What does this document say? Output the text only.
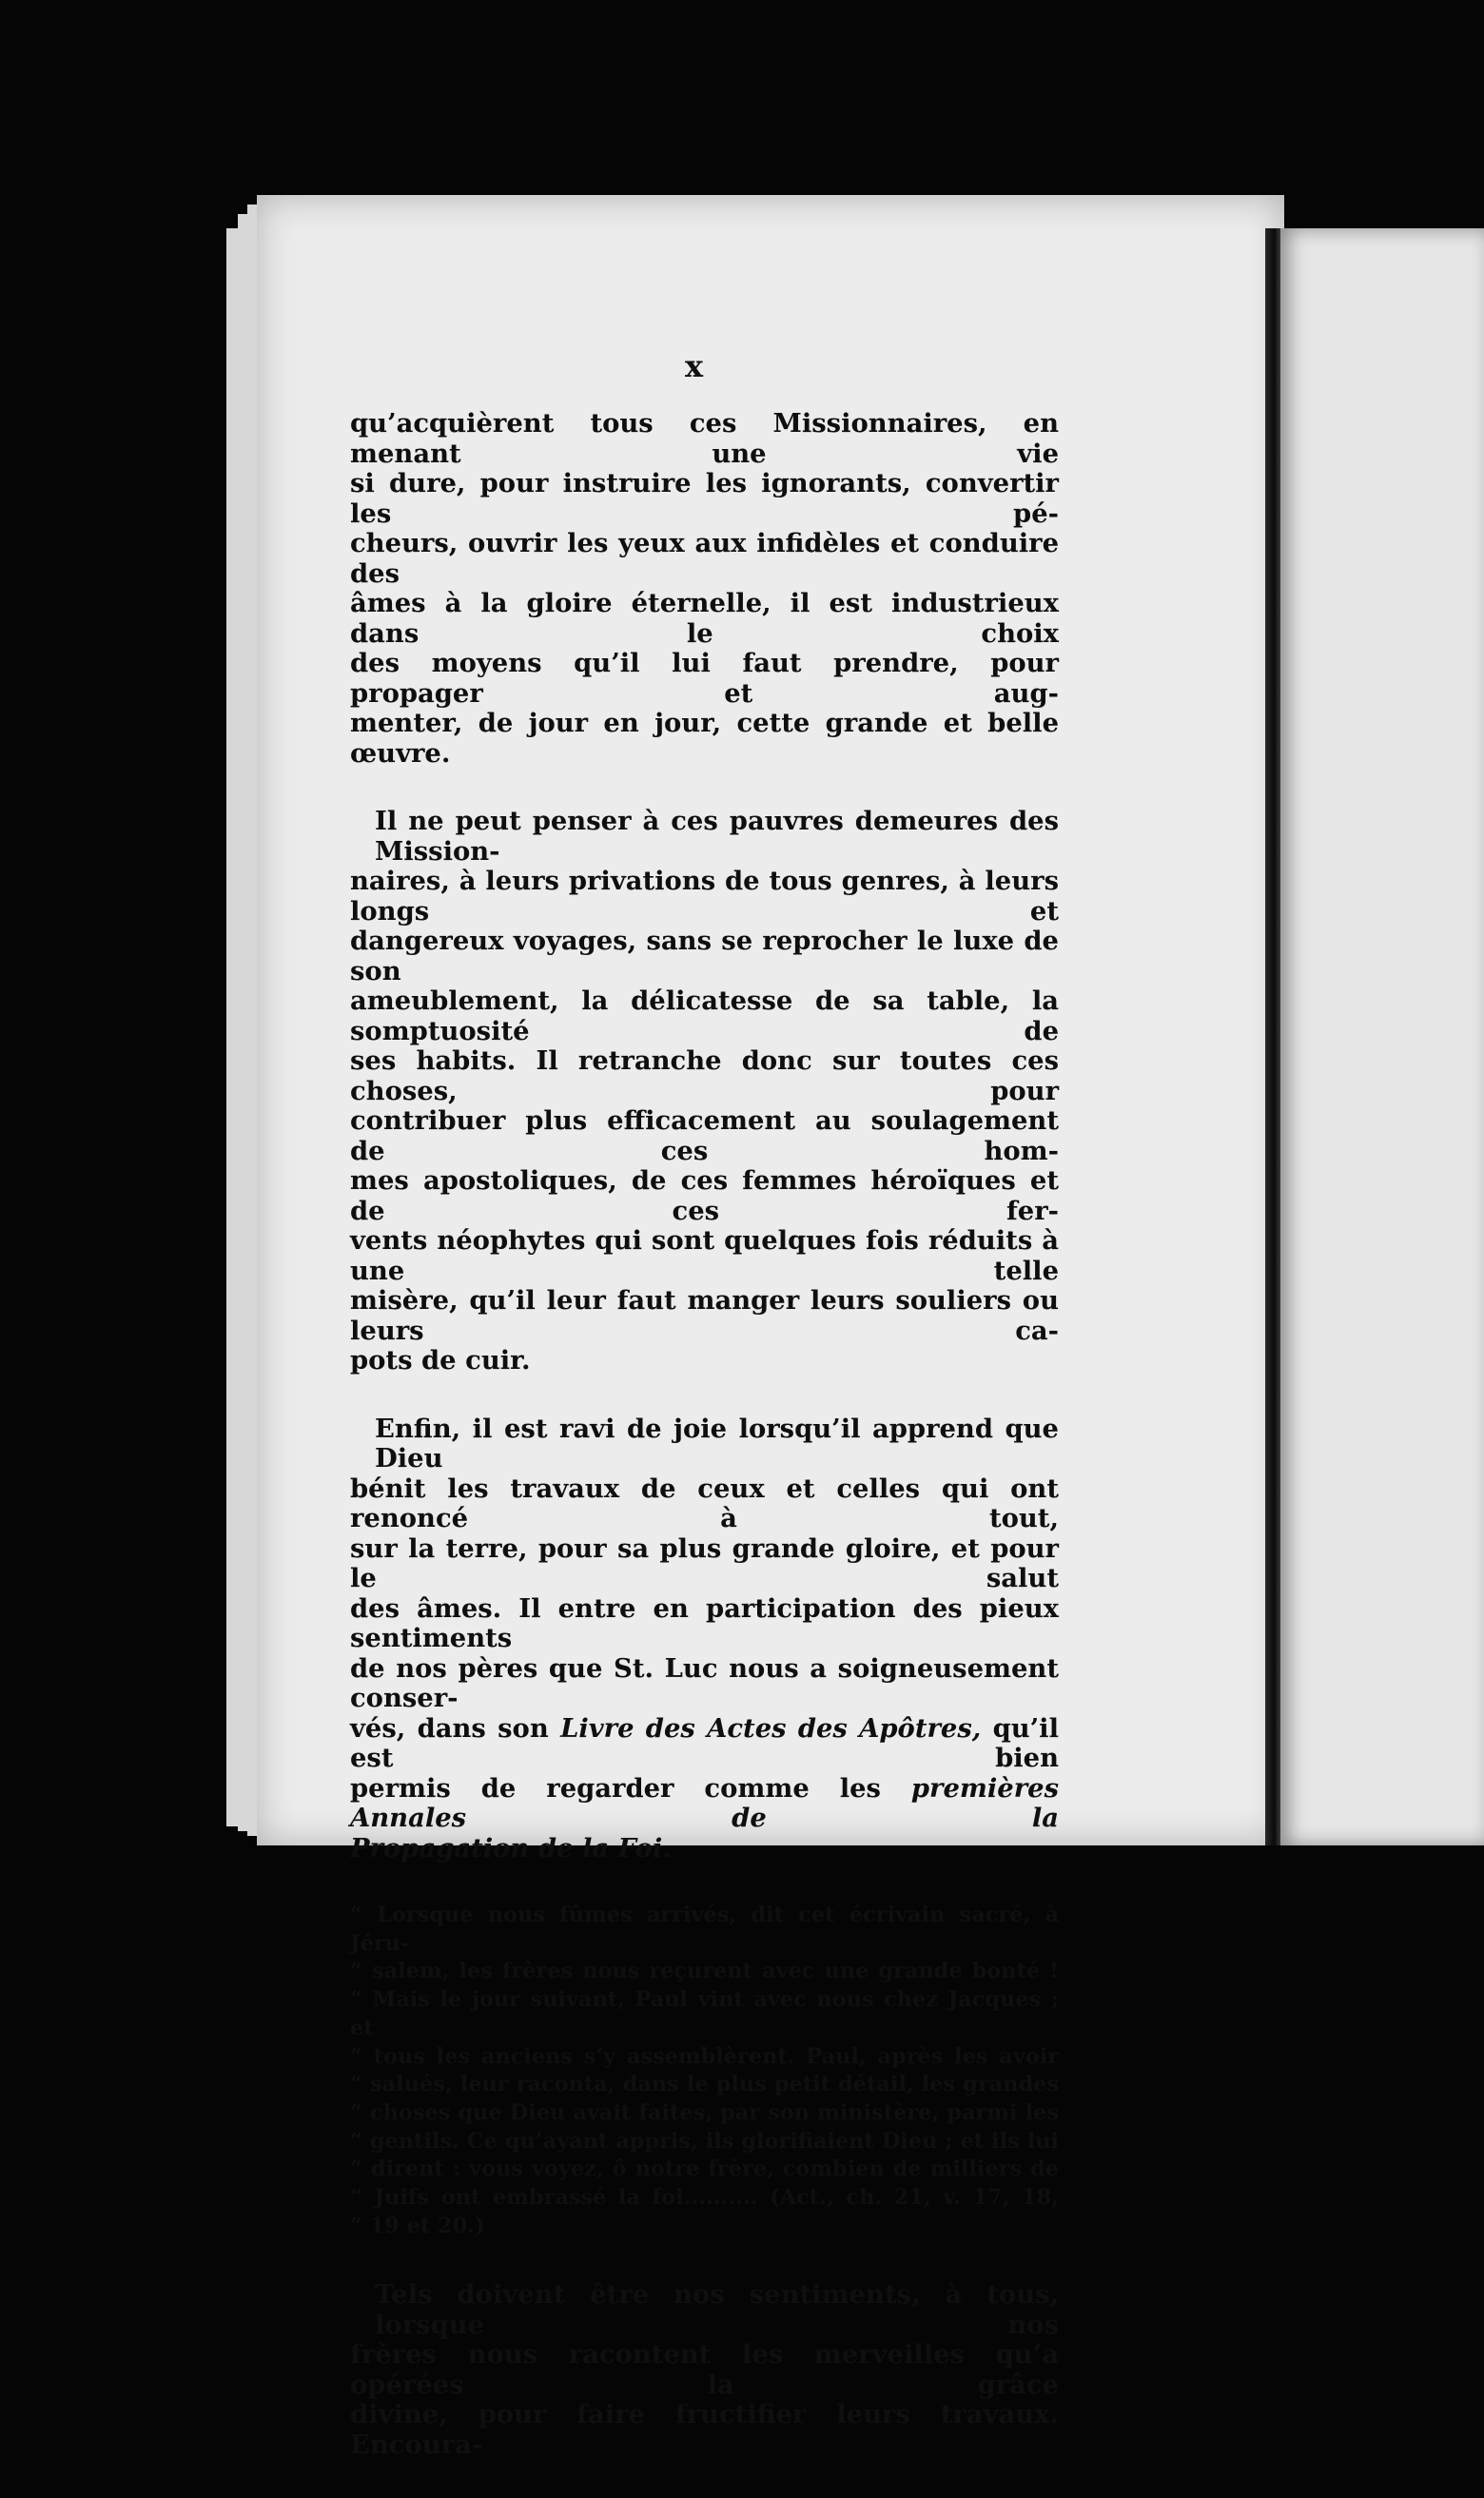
x

qu’acquièrent tous ces Missionnaires, en menant une vie
si dure, pour instruire les ignorants, convertir les pé-
cheurs, ouvrir les yeux aux infidèles et conduire des
âmes à la gloire éternelle, il est industrieux dans le choix
des moyens qu’il lui faut prendre, pour propager et aug-
menter, de jour en jour, cette grande et belle œuvre.

Il ne peut penser à ces pauvres demeures des Mission-
naires, à leurs privations de tous genres, à leurs longs et
dangereux voyages, sans se reprocher le luxe de son
ameublement, la délicatesse de sa table, la somptuosité de
ses habits. Il retranche donc sur toutes ces choses, pour
contribuer plus efficacement au soulagement de ces hom-
mes apostoliques, de ces femmes héroïques et de ces fer-
vents néophytes qui sont quelques fois réduits à une telle
misère, qu’il leur faut manger leurs souliers ou leurs ca-
pots de cuir.

Enfin, il est ravi de joie lorsqu’il apprend que Dieu
bénit les travaux de ceux et celles qui ont renoncé à tout,
sur la terre, pour sa plus grande gloire, et pour le salut
des âmes. Il entre en participation des pieux sentiments
de nos pères que St. Luc nous a soigneusement conser-
vés, dans son Livre des Actes des Apôtres, qu’il est bien
permis de regarder comme les premières Annales de la
Propagation de la Foi.

“ Lorsque nous fûmes arrivés, dit cet écrivain sacré, à Jéru-
“ salem, les frères nous reçurent avec une grande bonté !
“ Mais le jour suivant, Paul vint avec nous chez Jacques ; et
“ tous les anciens s’y assemblèrent. Paul, après les avoir
“ salués, leur raconta, dans le plus petit détail, les grandes
“ choses que Dieu avait faites, par son ministère, parmi les
“ gentils. Ce qu’ayant appris, ils glorifiaient Dieu ; et ils lui
“ dirent : vous voyez, ô notre frère, combien de milliers de
“ Juifs ont embrassé la foi.......... (Act., ch. 21, v. 17, 18,
“ 19 et 20.)

Tels doivent être nos sentiments, à tous, lorsque nos
frères nous racontent les merveilles qu’a opérées la grâce
divine, pour faire fructifier leurs travaux. Encoura-
